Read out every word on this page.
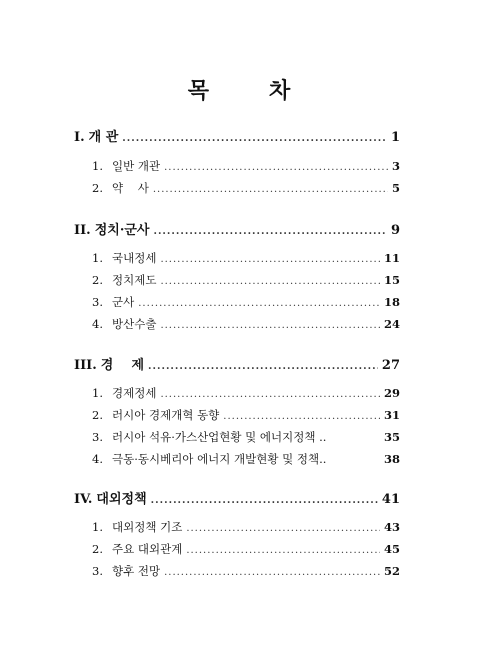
목	차
I. 개 관 .....	1
1. 일반 개관 .....	3
2. 약    사 .....	5
II. 정치·군사 .....	9
1. 국내정세 .....	11
2. 정치제도 .....	15
3. 군사 .....	18
4. 방산수출 .....	24
III. 경    제 .....	27
1. 경제정세 .....	29
2. 러시아 경제개혁 동향 .....	31
3. 러시아 석유·가스산업현황 및 에너지정책 ..	35
4. 극동·동시베리아 에너지 개발현황 및 정책..	38
IV. 대외정책 .....	41
1. 대외정책 기조 .....	43
2. 주요 대외관계 .....	45
3. 향후 전망 .....	52
